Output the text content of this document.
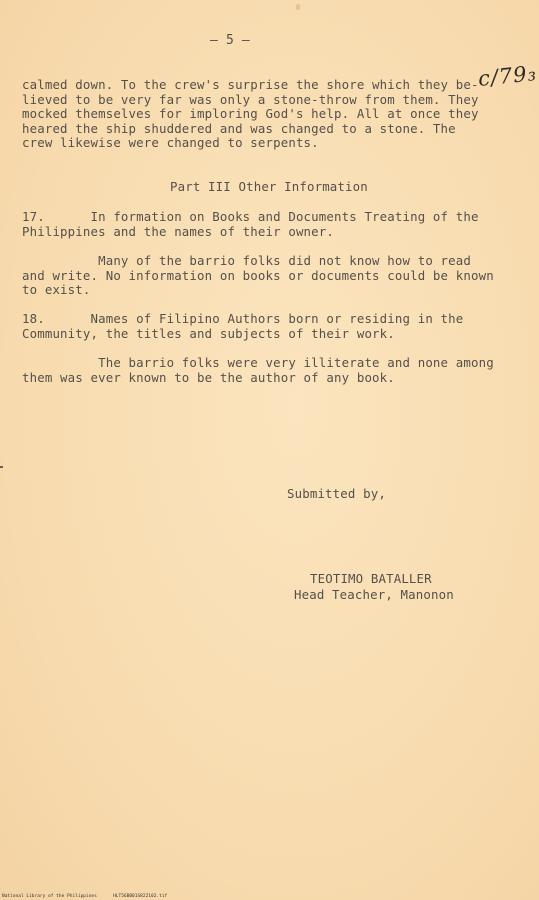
– 5 –
c/79₃
calmed down. To the crew's surprise the shore which they be-
lieved to be very far was only a stone-throw from them. They
mocked themselves for imploring God's help. All at once they
heared the ship shuddered and was changed to a stone. The
crew likewise were changed to serpents.
Part III Other Information
17.      In formation on Books and Documents Treating of the
Philippines and the names of their owner.
Many of the barrio folks did not know how to read
and write. No information on books or documents could be known
to exist.
18.      Names of Filipino Authors born or residing in the
Community, the titles and subjects of their work.
The barrio folks were very illiterate and none among
them was ever known to be the author of any book.
Submitted by,
TEOTIMO BATALLER
Head Teacher, Manonon
National Library of the Philippines      HLT56BB01S822102.tif
